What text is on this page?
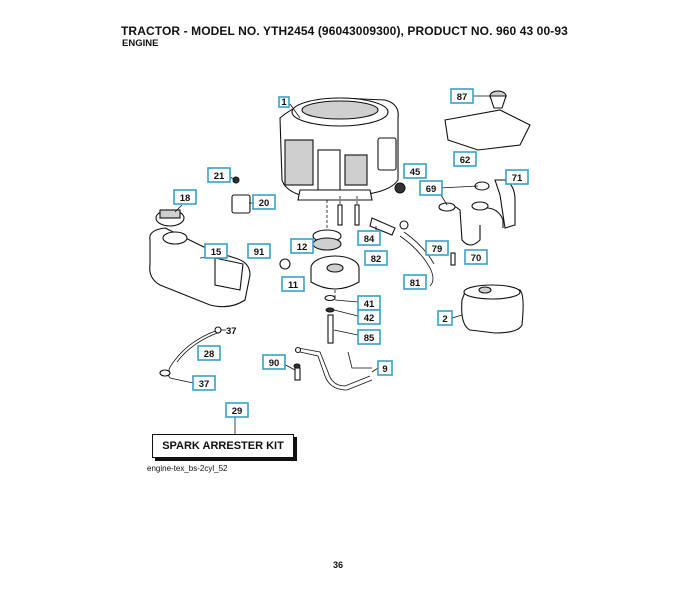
TRACTOR - MODEL NO. YTH2454 (96043009300), PRODUCT NO. 960 43 00-93
ENGINE
1	87
62
21
20
18
45
69
71
15	91	12
84
82
79
70
81
11
41
42
85
2
37
28
37
90
9
29
SPARK ARRESTER KIT
engine-tex_bs-2cyl_52
36
